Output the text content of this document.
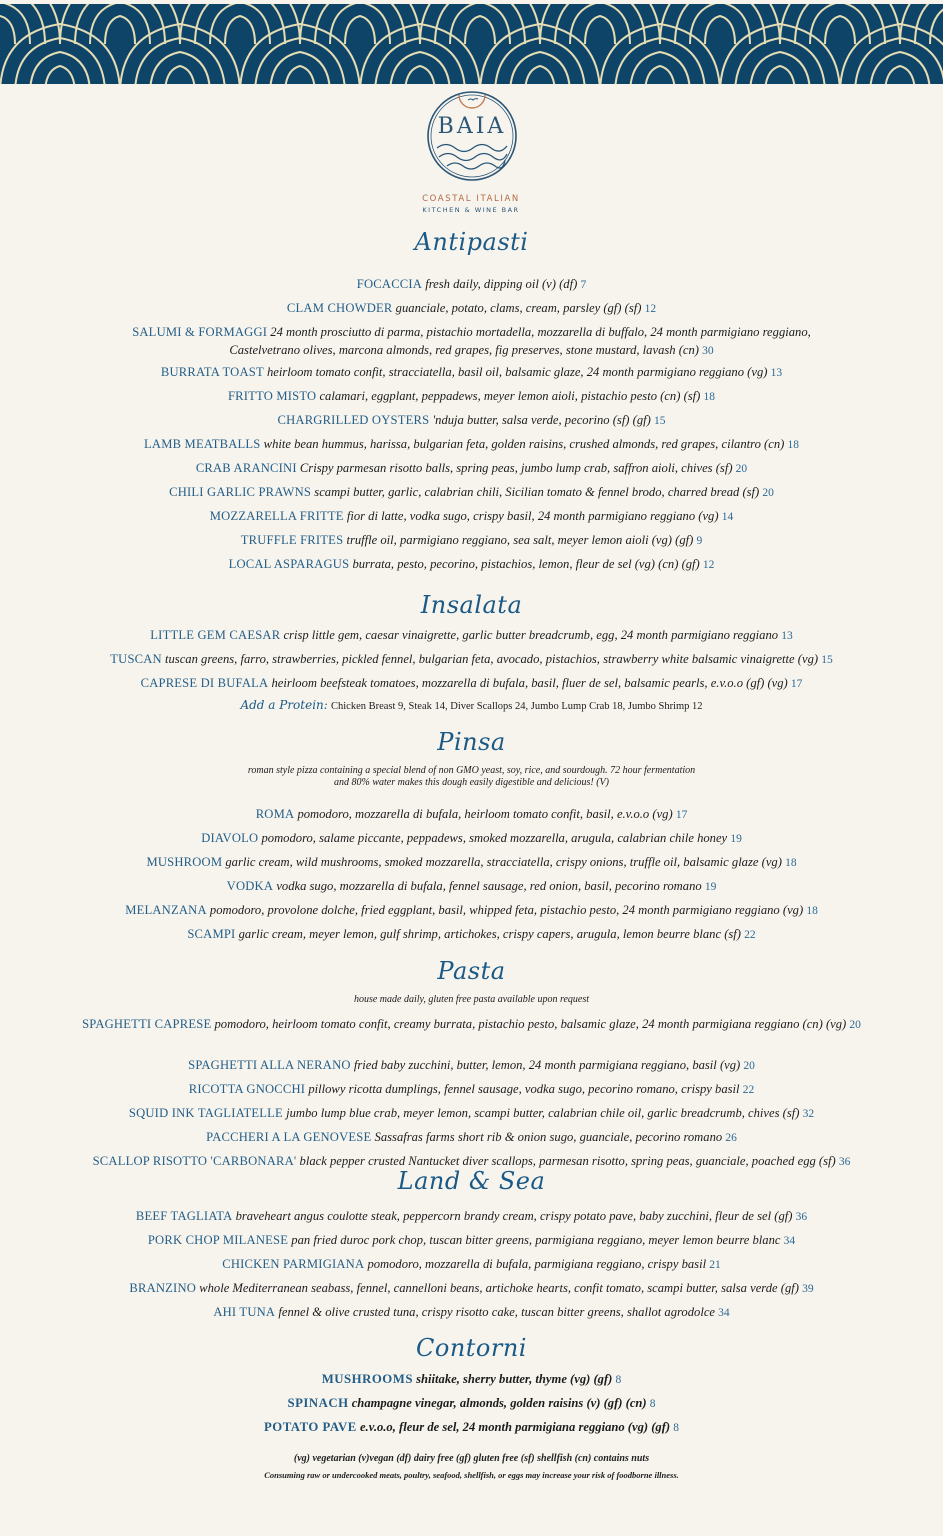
BAIA
COASTAL ITALIAN
KITCHEN & WINE BAR
Antipasti
FOCACCIA fresh daily, dipping oil (v) (df) 7
CLAM CHOWDER guanciale, potato, clams, cream, parsley (gf) (sf) 12
SALUMI & FORMAGGI 24 month prosciutto di parma, pistachio mortadella, mozzarella di buffalo, 24 month parmigiano reggiano,
Castelvetrano olives, marcona almonds, red grapes, fig preserves, stone mustard, lavash (cn) 30
BURRATA TOAST heirloom tomato confit, stracciatella, basil oil, balsamic glaze, 24 month parmigiano reggiano (vg) 13
FRITTO MISTO calamari, eggplant, peppadews, meyer lemon aioli, pistachio pesto (cn) (sf) 18
CHARGRILLED OYSTERS 'nduja butter, salsa verde, pecorino (sf) (gf) 15
LAMB MEATBALLS white bean hummus, harissa, bulgarian feta, golden raisins, crushed almonds, red grapes, cilantro (cn) 18
CRAB ARANCINI Crispy parmesan risotto balls, spring peas, jumbo lump crab, saffron aioli, chives (sf) 20
CHILI GARLIC PRAWNS scampi butter, garlic, calabrian chili, Sicilian tomato & fennel brodo, charred bread (sf) 20
MOZZARELLA FRITTE fior di latte, vodka sugo, crispy basil, 24 month parmigiano reggiano (vg) 14
TRUFFLE FRITES truffle oil, parmigiano reggiano, sea salt, meyer lemon aioli (vg) (gf) 9
LOCAL ASPARAGUS burrata, pesto, pecorino, pistachios, lemon, fleur de sel (vg) (cn) (gf) 12
Insalata
LITTLE GEM CAESAR crisp little gem, caesar vinaigrette, garlic butter breadcrumb, egg, 24 month parmigiano reggiano 13
TUSCAN tuscan greens, farro, strawberries, pickled fennel, bulgarian feta, avocado, pistachios, strawberry white balsamic vinaigrette (vg) 15
CAPRESE DI BUFALA heirloom beefsteak tomatoes, mozzarella di bufala, basil, fluer de sel, balsamic pearls, e.v.o.o (gf) (vg) 17
Add a Protein: Chicken Breast 9, Steak 14, Diver Scallops 24, Jumbo Lump Crab 18, Jumbo Shrimp 12
Pinsa
roman style pizza containing a special blend of non GMO yeast, soy, rice, and sourdough. 72 hour fermentation
and 80% water makes this dough easily digestible and delicious! (V)
ROMA pomodoro, mozzarella di bufala, heirloom tomato confit, basil, e.v.o.o (vg) 17
DIAVOLO pomodoro, salame piccante, peppadews, smoked mozzarella, arugula, calabrian chile honey 19
MUSHROOM garlic cream, wild mushrooms, smoked mozzarella, stracciatella, crispy onions, truffle oil, balsamic glaze (vg) 18
VODKA vodka sugo, mozzarella di bufala, fennel sausage, red onion, basil, pecorino romano 19
MELANZANA pomodoro, provolone dolche, fried eggplant, basil, whipped feta, pistachio pesto, 24 month parmigiano reggiano (vg) 18
SCAMPI garlic cream, meyer lemon, gulf shrimp, artichokes, crispy capers, arugula, lemon beurre blanc (sf) 22
Pasta
house made daily, gluten free pasta available upon request
SPAGHETTI CAPRESE pomodoro, heirloom tomato confit, creamy burrata, pistachio pesto, balsamic glaze, 24 month parmigiana reggiano (cn) (vg) 20
SPAGHETTI ALLA NERANO fried baby zucchini, butter, lemon, 24 month parmigiana reggiano, basil (vg) 20
RICOTTA GNOCCHI pillowy ricotta dumplings, fennel sausage, vodka sugo, pecorino romano, crispy basil 22
SQUID INK TAGLIATELLE jumbo lump blue crab, meyer lemon, scampi butter, calabrian chile oil, garlic breadcrumb, chives (sf) 32
PACCHERI A LA GENOVESE Sassafras farms short rib & onion sugo, guanciale, pecorino romano 26
SCALLOP RISOTTO 'CARBONARA' black pepper crusted Nantucket diver scallops, parmesan risotto, spring peas, guanciale, poached egg (sf) 36
Land & Sea
BEEF TAGLIATA braveheart angus coulotte steak, peppercorn brandy cream, crispy potato pave, baby zucchini, fleur de sel (gf) 36
PORK CHOP MILANESE pan fried duroc pork chop, tuscan bitter greens, parmigiana reggiano, meyer lemon beurre blanc 34
CHICKEN PARMIGIANA pomodoro, mozzarella di bufala, parmigiana reggiano, crispy basil 21
BRANZINO whole Mediterranean seabass, fennel, cannelloni beans, artichoke hearts, confit tomato, scampi butter, salsa verde (gf) 39
AHI TUNA fennel & olive crusted tuna, crispy risotto cake, tuscan bitter greens, shallot agrodolce 34
Contorni
MUSHROOMS shiitake, sherry butter, thyme (vg) (gf) 8
SPINACH champagne vinegar, almonds, golden raisins (v) (gf) (cn) 8
POTATO PAVE e.v.o.o, fleur de sel, 24 month parmigiana reggiano (vg) (gf) 8
(vg) vegetarian (v)vegan (df) dairy free (gf) gluten free (sf) shellfish (cn) contains nuts
Consuming raw or undercooked meats, poultry, seafood, shellfish, or eggs may increase your risk of foodborne illness.
